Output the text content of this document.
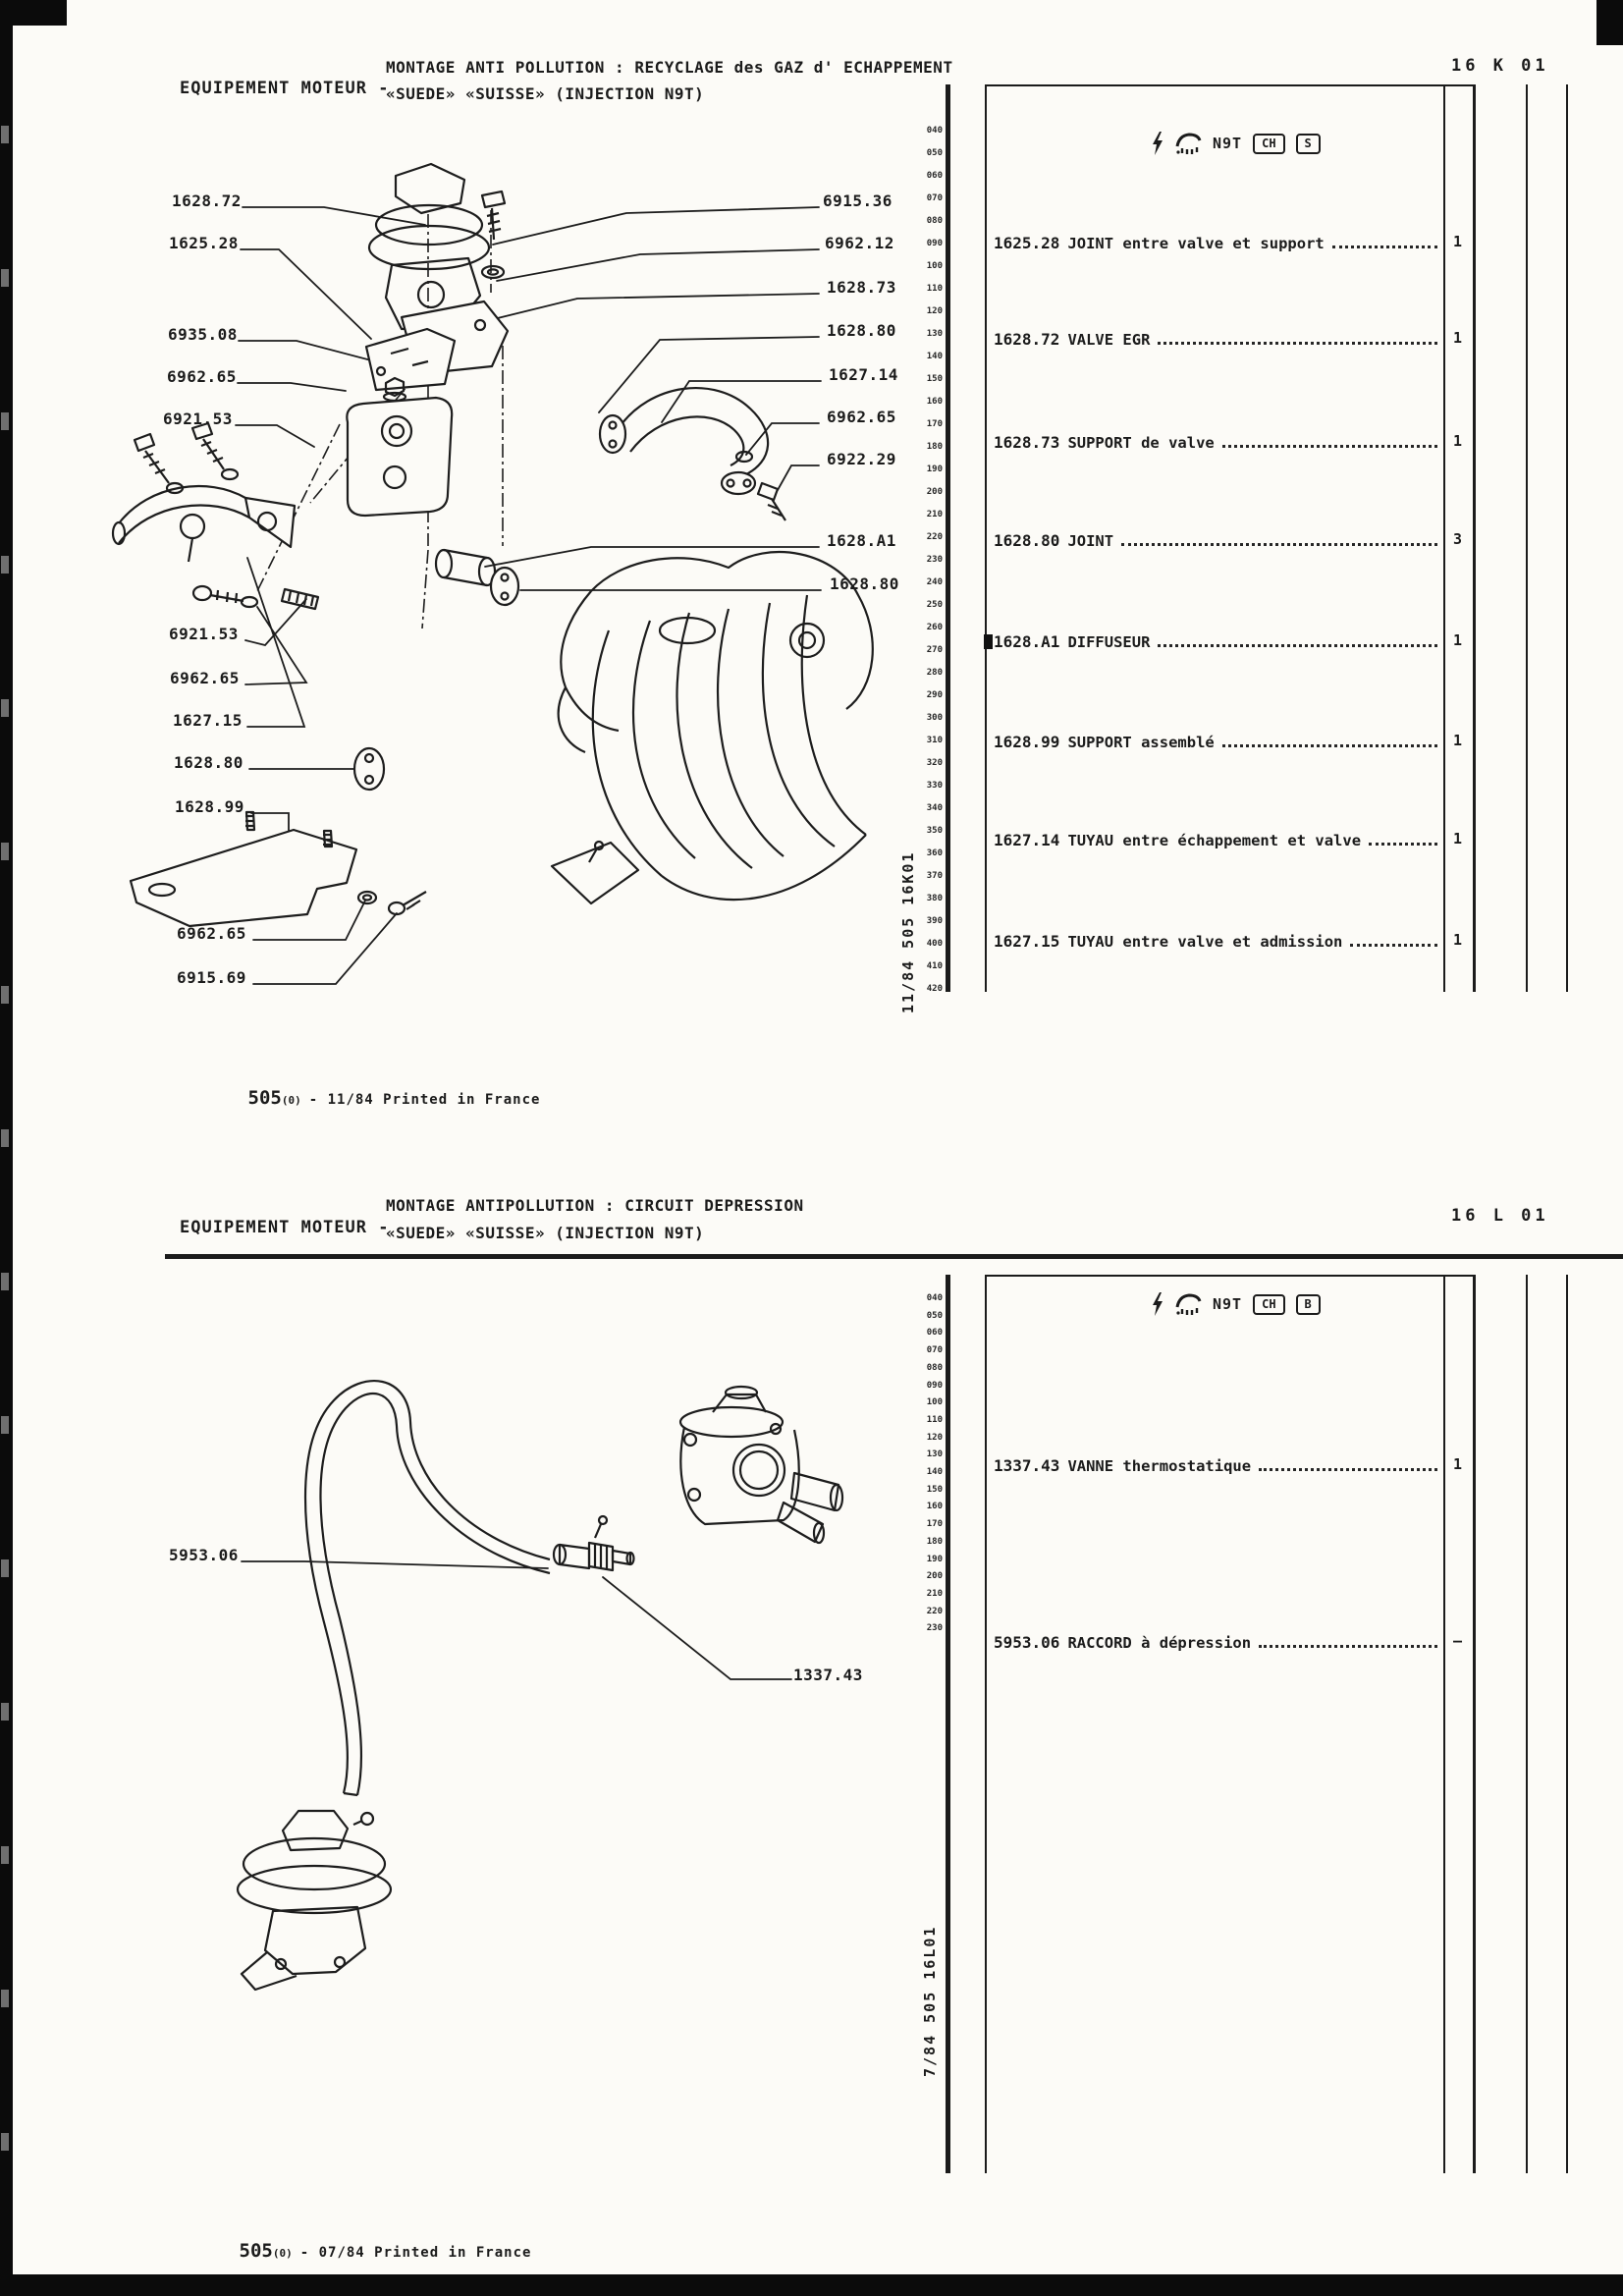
EQUIPEMENT MOTEUR -
MONTAGE ANTI POLLUTION : RECYCLAGE des GAZ d' ECHAPPEMENT
«SUEDE» «SUISSE» (INJECTION N9T)
16 K 01
N9T	CH	S
11/84 505 16K01

505(0) - 11/84 Printed in France

EQUIPEMENT MOTEUR -
MONTAGE ANTIPOLLUTION : CIRCUIT DEPRESSION
«SUEDE» «SUISSE» (INJECTION N9T)
16 L 01
N9T	CH	B
7/84 505 16L01

505(0) - 07/84 Printed in France

1625.28 JOINT entre valve et support	1
1628.72 VALVE EGR	1
1628.73 SUPPORT de valve	1
1628.80 JOINT	3
1628.A1 DIFFUSEUR	1
1628.99 SUPPORT assemblé	1
1627.14 TUYAU entre échappement et valve	1
1627.15 TUYAU entre valve et admission	1
040
050
060
070
080
090
100
110
120
130
140
150
160
170
180
190
200
210
220
230
240
250
260
270
280
290
300
310
320
330
340
350
360
370
380
390
400
410
420
1628.72
1625.28
6935.08
6962.65
6921.53
6921.53
6962.65
1627.15
1628.80
1628.99
6962.65
6915.69
6915.36
6962.12
1628.73
1628.80
1627.14
6962.65
6922.29
1628.A1
1628.80
1337.43 VANNE thermostatique	1
5953.06 RACCORD à dépression	–
040
050
060
070
080
090
100
110
120
130
140
150
160
170
180
190
200
210
220
230
5953.06
1337.43
